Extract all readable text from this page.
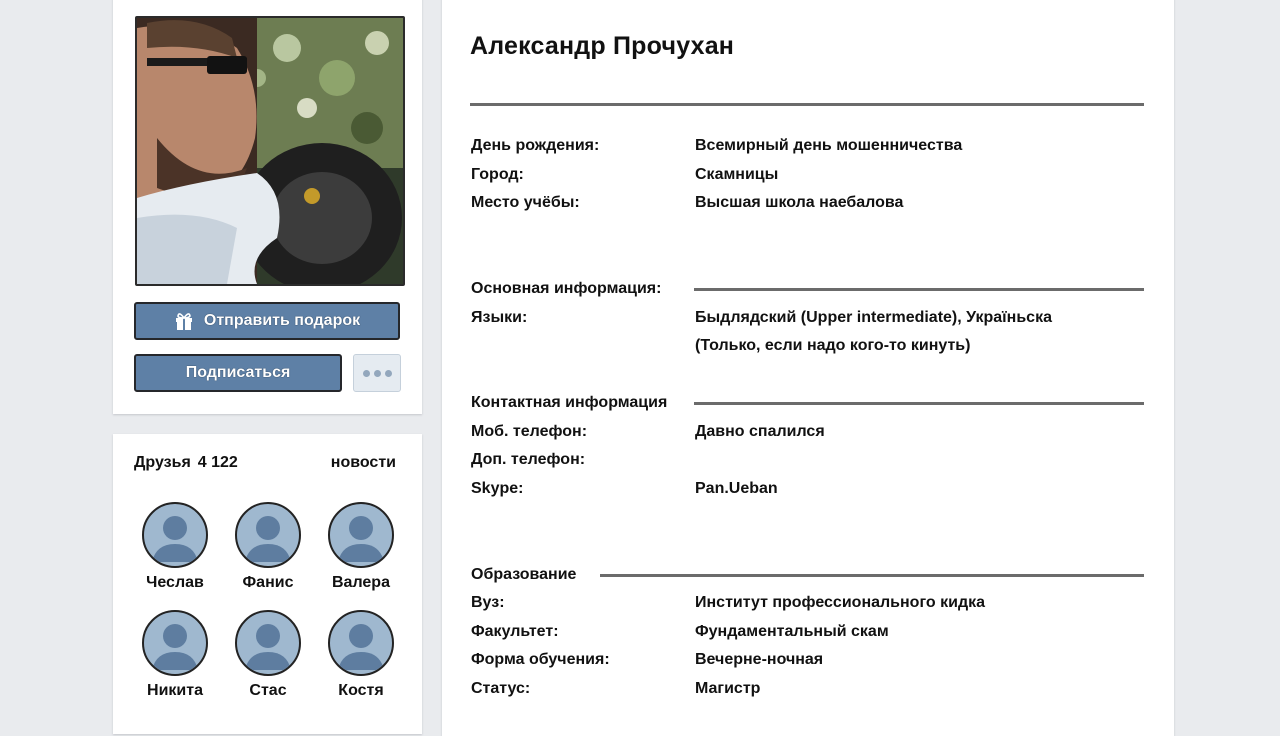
Отправить подарок
Подписаться
Друзья 4 122	новости
Чеслав	Фанис	Валера
Никита	Стас	Костя
Александр Прочухан
День рождения:	Всемирный день мошенничества
Город:	Скамницы
Место учёбы:	Высшая школа наебалова
Основная информация:
Языки:	Быдлядский (Upper intermediate), Україньска
(Только, если надо кого-то кинуть)
Контактная информация
Моб. телефон:	Давно спалился
Доп. телефон:
Skype:	Pan.Ueban
Образование
Вуз:	Институт профессионального кидка
Факультет:	Фундаментальный скам
Форма обучения:	Вечерне-ночная
Статус:	Магистр
